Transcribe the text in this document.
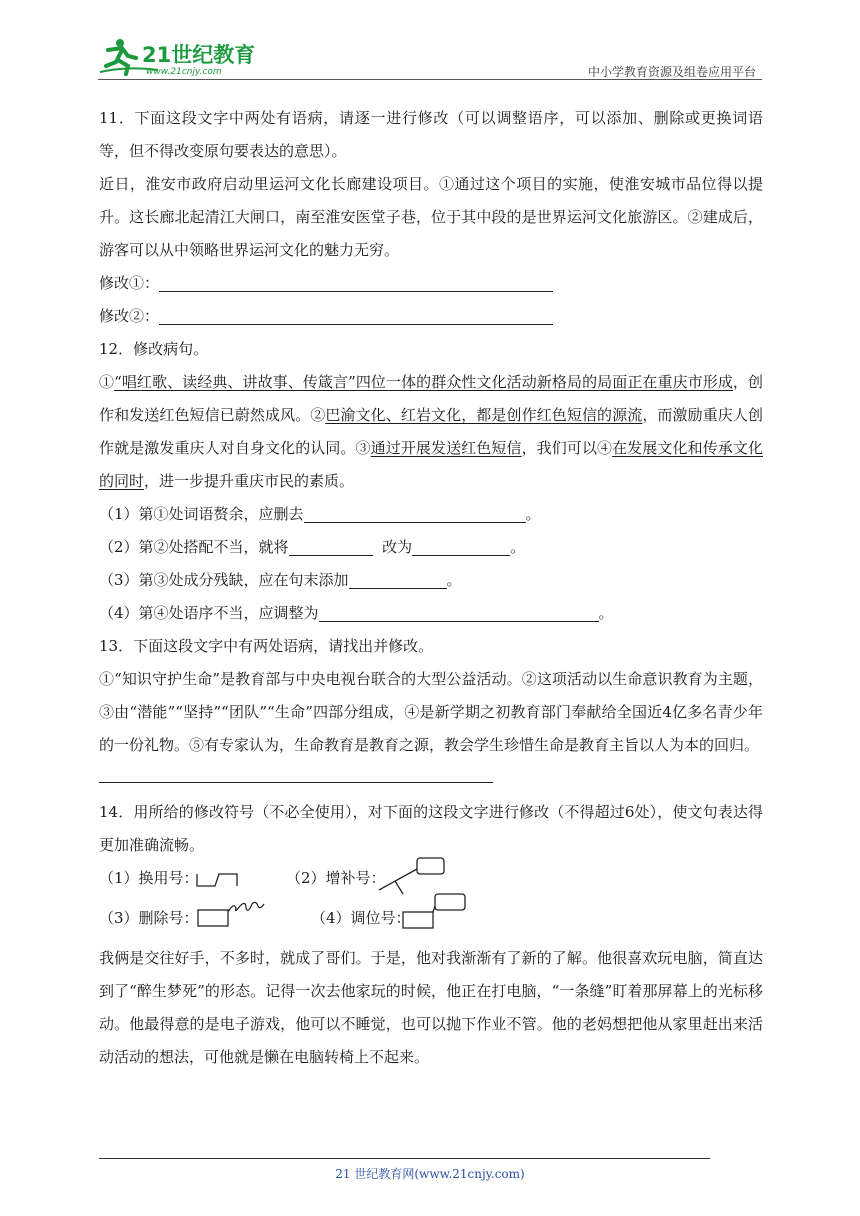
21世纪教育
www.21cnjy.com	中小学教育资源及组卷应用平台

11．下面这段文字中两处有语病，请逐一进行修改（可以调整语序，可以添加、删除或更换词语等，但不得改变原句要表达的意思）。

近日，淮安市政府启动里运河文化长廊建设项目。①通过这个项目的实施，使淮安城市品位得以提升。这长廊北起清江大闸口，南至淮安医堂子巷，位于其中段的是世界运河文化旅游区。②建成后，游客可以从中领略世界运河文化的魅力无穷。

修改①：

修改②：

12．修改病句。

①“唱红歌、读经典、讲故事、传箴言”四位一体的群众性文化活动新格局的局面正在重庆市形成，创作和发送红色短信已蔚然成风。②巴渝文化、红岩文化，都是创作红色短信的源流，而激励重庆人创作就是激发重庆人对自身文化的认同。③通过开展发送红色短信，我们可以④在发展文化和传承文化的同时，进一步提升重庆市民的素质。

（1）第①处词语赘余，应删去	。

（2）第②处搭配不当，就将	改为	。

（3）第③处成分残缺，应在句末添加	。

（4）第④处语序不当，应调整为	。

13．下面这段文字中有两处语病，请找出并修改。

①“知识守护生命”是教育部与中央电视台联合的大型公益活动。②这项活动以生命意识教育为主题，③由“潜能”“坚持”“团队”“生命”四部分组成，④是新学期之初教育部门奉献给全国近4亿多名青少年的一份礼物。⑤有专家认为，生命教育是教育之源，教会学生珍惜生命是教育主旨以人为本的回归。

14．用所给的修改符号（不必全使用），对下面的这段文字进行修改（不得超过6处），使文句表达得更加准确流畅。

（1）换用号：	（2）增补号：
（3）删除号：	（4）调位号：

我俩是交往好手，不多时，就成了哥们。于是，他对我渐渐有了新的了解。他很喜欢玩电脑，简直达到了“醉生梦死”的形态。记得一次去他家玩的时候，他正在打电脑，“一条缝”盯着那屏幕上的光标移动。他最得意的是电子游戏，他可以不睡觉，也可以抛下作业不管。他的老妈想把他从家里赶出来活动活动的想法，可他就是懒在电脑转椅上不起来。

21 世纪教育网(www.21cnjy.com)
